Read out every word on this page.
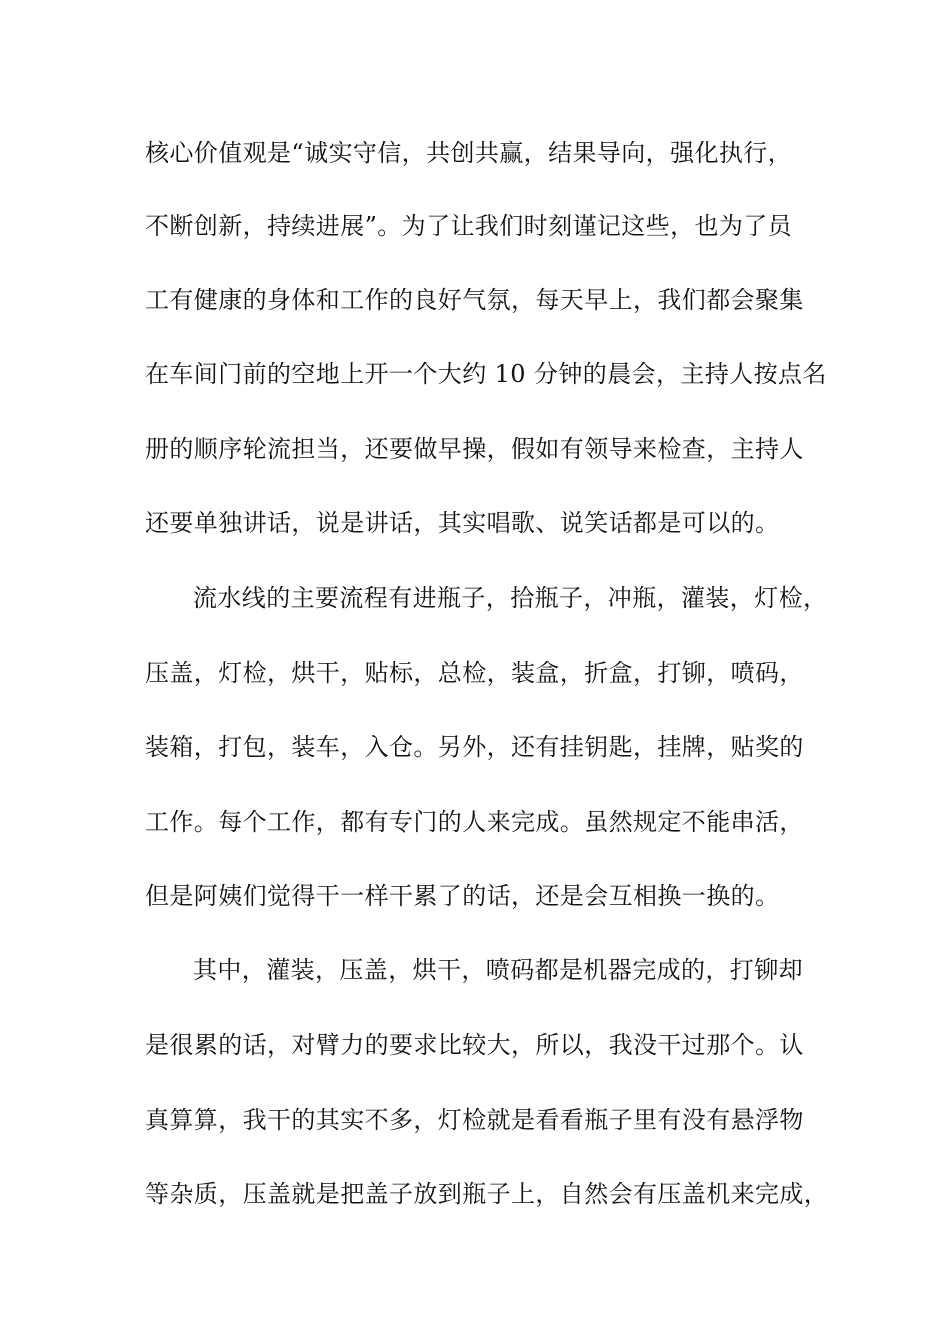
核心价值观是“诚实守信，共创共赢，结果导向，强化执行，
不断创新，持续进展”。为了让我们时刻谨记这些，也为了员
工有健康的身体和工作的良好气氛，每天早上，我们都会聚集
在车间门前的空地上开一个大约 10 分钟的晨会，主持人按点名
册的顺序轮流担当，还要做早操，假如有领导来检查，主持人
还要单独讲话，说是讲话，其实唱歌、说笑话都是可以的。
流水线的主要流程有进瓶子，拾瓶子，冲瓶，灌装，灯检，
压盖，灯检，烘干，贴标，总检，装盒，折盒，打铆，喷码，
装箱，打包，装车，入仓。另外，还有挂钥匙，挂牌，贴奖的
工作。每个工作，都有专门的人来完成。虽然规定不能串活，
但是阿姨们觉得干一样干累了的话，还是会互相换一换的。
其中，灌装，压盖，烘干，喷码都是机器完成的，打铆却
是很累的话，对臂力的要求比较大，所以，我没干过那个。认
真算算，我干的其实不多，灯检就是看看瓶子里有没有悬浮物
等杂质，压盖就是把盖子放到瓶子上，自然会有压盖机来完成，
